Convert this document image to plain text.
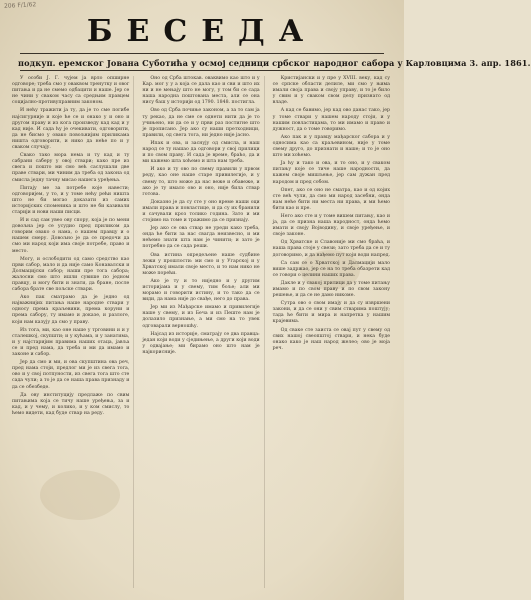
206 F/1/62
БЕСЕДА
подкуп. еремског Јована Суботића у осмој седници србског народног сабора у Карловцима 3. апр. 1861.

У особи Ј. Г. чујем ја врло опширне одговоре; треба смо у оваквом тренутку и овог питања и да не смемо одбацити и наше. Јер се не чини у сваком часу са средњим правцем социјално-противуправним законом.

И нећу тражити ја ту, да је то сме погибе најсигурније и које ће се и онако у и оно и другом праву и из кога произведу кад кад и у кад није. И сада ћу је очекивати, одговорити, да не бисмо у овако повољнијим приликама ништа одговорити, и нико да неће по и у сваком случају.

Свако тако мора нема и ту кад и ту сабрани саберу у овој ствари; како пре из свега и пошто ми смо већ саслушали две праве ствари, ми чиним да треба од закона од смисла једну тачну мисао нашега уређења.

Питају ме за потребе које навести; одговоријем, у то, и у томе нећу рећи ништа што не би могао доказати из самих историјских споменика и што не би казивали старији и нови наши писци.

И и сад сам увео ову спору, која је по мени довољна јер се усудио пред приликом да говорим овако о нама, о нашем правцу и о нашем смеру. Довољно је да се предочи да смо ми народ који има своје потребе, право и место.

Могу, и ослободити од само средство као први сабор, мало и да није само Конавалски и Долмацијски сабор; наши пре тога сабора; жалосни смо што ишли сувише по једном правцу, и могу бити и знати, да бране, после сабора брате све пољске ствари.

Ако пак сматрамо да је једно од најважнијих питања наше народне ствари у односу према краљевини, према коруни и према сабору, ту имамо и доказе, и разлоге, који нам казују да смо у праву.

Из тога, ми, као оне наше у трговини и и у сталешкој, скупшти; и у кућама, и у занатима, и у најстаријим правима наших отаца, јавља се и пред нама, да треба и ми да имамо и законе и сабор.

Јер да смо и ми, и ова скупштина ова реч, пред нама стоји, предлог ми је из свега тога, ово и у свој потпуности, из свега тога што сте сада чули; а то је да се наша права признаду и да се обезбеде.

Да ову институцију предлаже по свим питањима која се тичу наше уређења, за и кад, и у чему, и колико, и у ком смислу, то ћемо видети, кад буде ствар на реду.

Оно од Срба штокав. оваквимо као што и у Кар. мог у у а која се дала као и сви и што их ни и не мењају што не могу, у том би се сада наша народна поштована места, али се она нису баш у историји од 1790. 1848. постигла.

Ово од Срба почиње законом, а за то сам ја ту рекао, да не сме се однети нити да је то учињено, ни да се и у први раз постигне што је прописано. Јер ако су наши претходници, правили, од свега тога, ни једно није јасно.

Ипак и ова, и заснују од смисла, и наш народ се ту нашао да одговори у свој прилици и по свом праву. И сада је време, браћо, да и ми кажемо шта хоћемо и шта нам треба.

И ако и ту ово по свему правили у првом реду, као оне наше старе привилегије, и у свему то, што може да нас веже и обавеже, и ако је ту имало ово и оно, није била ствар готова.

Доказно је да су сте у оно време наши оци имали права и повластице, и да су их бранили и сачували кроз толико година. Зато и ми стојимо на томе и тражимо да се признају.

Јер ако се ова ствар не уреди како треба, онда ће бити за нас свагда неизвесно, и ми нећемо знати шта нам је чинити; и зато је потребно да се сада реши.

Ова истина опредељене наше судбине лежи у прошлости: ми смо и у Угарској и у Хрватској имали своје место, и то нам нико не може порећи.

Ако је ту и то ниједно и у другим историјама и у свему, тим боље; али ми морамо и говорити истину, и то тако да се види, да нама није до свађе, него до права.

Јер ми из Мађарске имамо и привилегије наше у свему, и из Беча и из Пеште нам је долазило признање, а ми смо на то увек одговарали верношћу.

Најсад из историје, сматрају се два правца: један који води у сједињење, а други који води у одвајање; ми бирамо оно што нам је најкорисније.

Кристијански и у пре у XVIII. веку, кад су се српске области делиле, ми смо у њима имали своја права и своју управу, и то је било у свим и у сваком свом делу признато од владе.

А кад се бавимо, јер кад ово данас тако, јер у томе ствари у нашем народу стоји, и у нашим повластицама, то ми имамо и право и дужност, да о томе говоримо.

Ако пак и у правцу мађарског сабора и у односима као са краљевином, није у томе свему друго, до признати и наше; и то је оно што ми хоћемо.

Ја ћу и тако и ова, и то оно, и у сваком питању које се тиче наше народности, да кажем своје мишљење, јер сам дужан пред народом и пред собом.

Опет, ако се оно не сматра, као и од којих сте већ чули, да смо ми народ засебни, онда нам неће бити ни места ни права, и ми ћемо бити као и пре.

Него ако сте и у томе вишем питању, као и ја, да се призна наша народност, онда ћемо имати и своју Војводину, и своје уређење, и своје законе.

Од Хрватске и Славоније ми смо браћа, и наша права стоје у свези; зато треба да се и ту договоримо, и да нађемо пут који води напред.

Са сам се о Хрватској и Далмацији мало више задржао, јер се на то треба обазрети кад се говори о целини наших права.

Дакле и у свакој прилици да у томе питању имамо и по свом праву и по свом закону решење, и да се не дамо никоме.

Сутра ово о свом имају и да су извршени закони, и да се они у свим стварима поштују; тада ће бити и мира и напретка у нашим крајевима.

Од сваке сте заиста се овај пут у свему од свих нашој свеопштој ствари, и нека буде онако како је наш народ желео; ово је моја реч.
